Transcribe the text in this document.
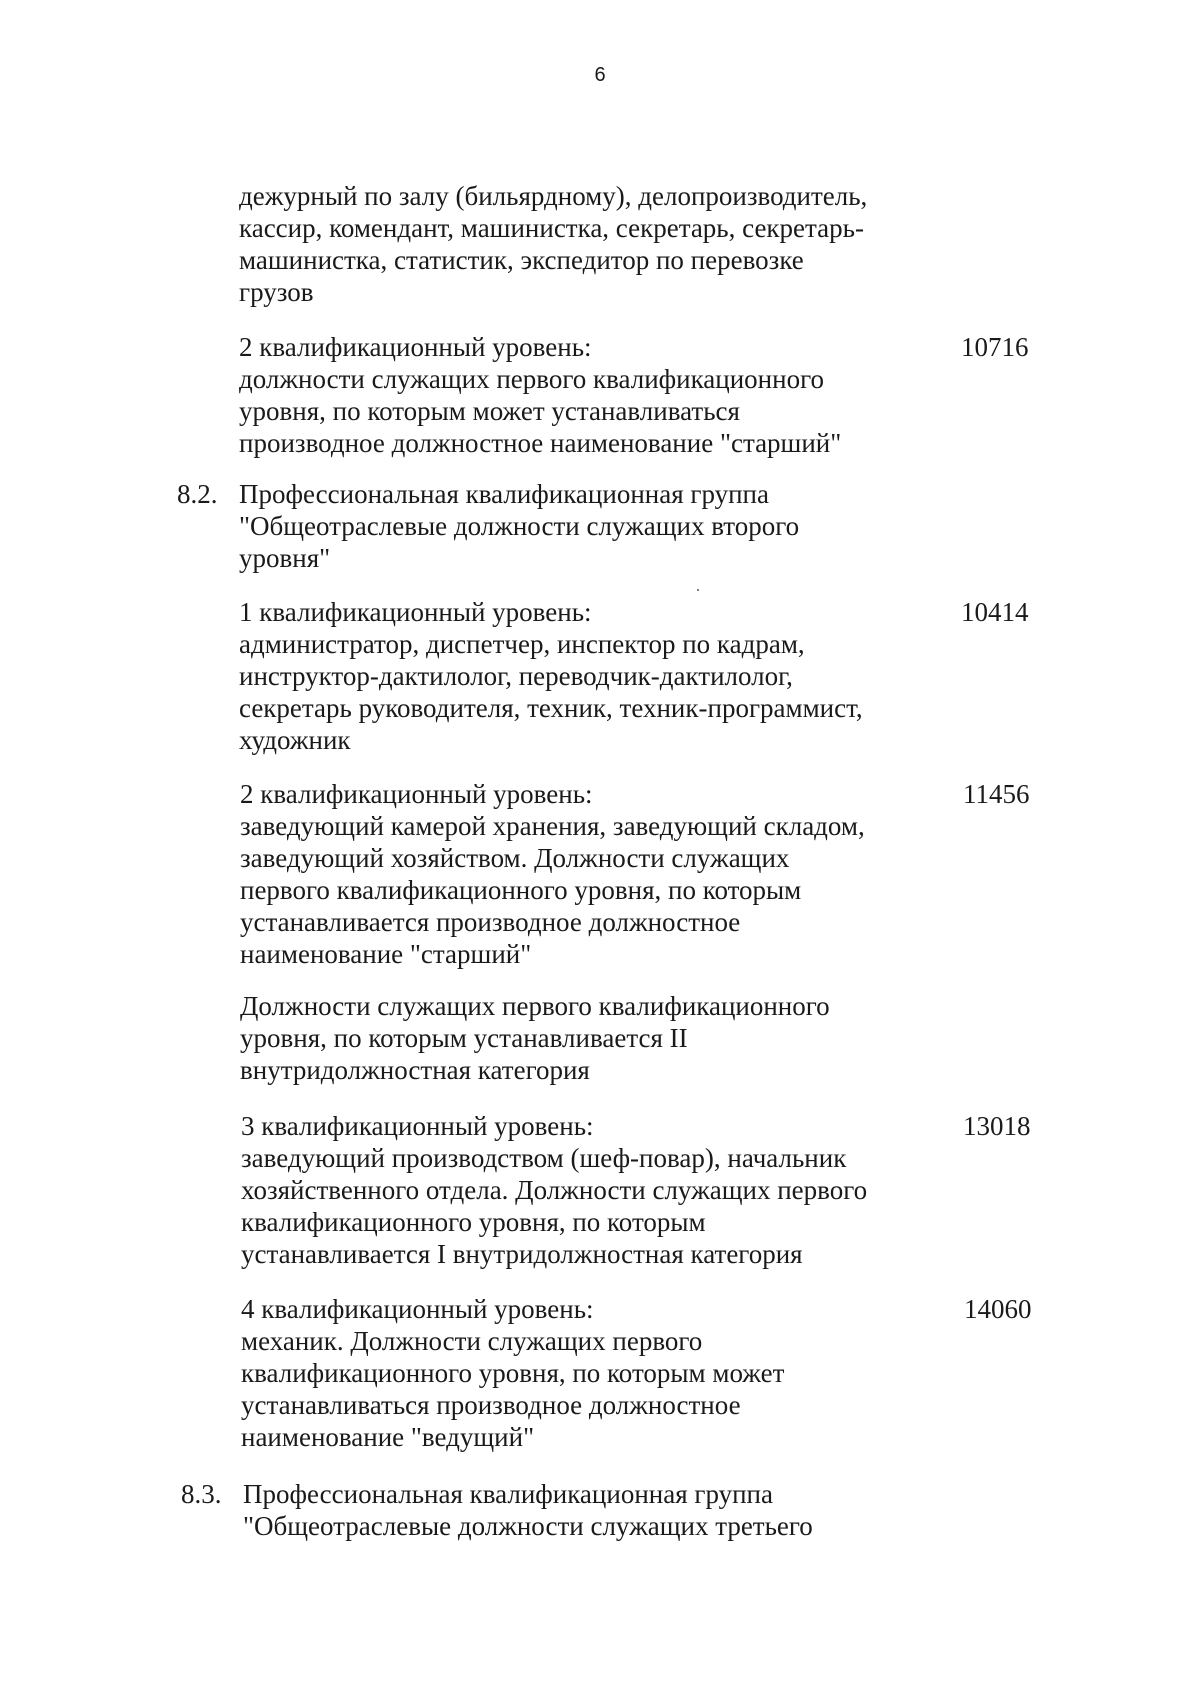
6
дежурный по залу (бильярдному), делопроизводитель,
кассир, комендант, машинистка, секретарь, секретарь-
машинистка, статистик, экспедитор по перевозке
грузов
2 квалификационный уровень:
должности служащих первого квалификационного
уровня, по которым может устанавливаться
производное должностное наименование "старший"
10716
8.2. Профессиональная квалификационная группа
"Общеотраслевые должности служащих второго
уровня"
1 квалификационный уровень:
администратор, диспетчер, инспектор по кадрам,
инструктор-дактилолог, переводчик-дактилолог,
секретарь руководителя, техник, техник-программист,
художник
10414
2 квалификационный уровень:
заведующий камерой хранения, заведующий складом,
заведующий хозяйством. Должности служащих
первого квалификационного уровня, по которым
устанавливается производное должностное
наименование "старший"
11456
Должности служащих первого квалификационного
уровня, по которым устанавливается II
внутридолжностная категория
3 квалификационный уровень:
заведующий производством (шеф-повар), начальник
хозяйственного отдела. Должности служащих первого
квалификационного уровня, по которым
устанавливается I внутридолжностная категория
13018
4 квалификационный уровень:
механик. Должности служащих первого
квалификационного уровня, по которым может
устанавливаться производное должностное
наименование "ведущий"
14060
8.3. Профессиональная квалификационная группа
"Общеотраслевые должности служащих третьего
